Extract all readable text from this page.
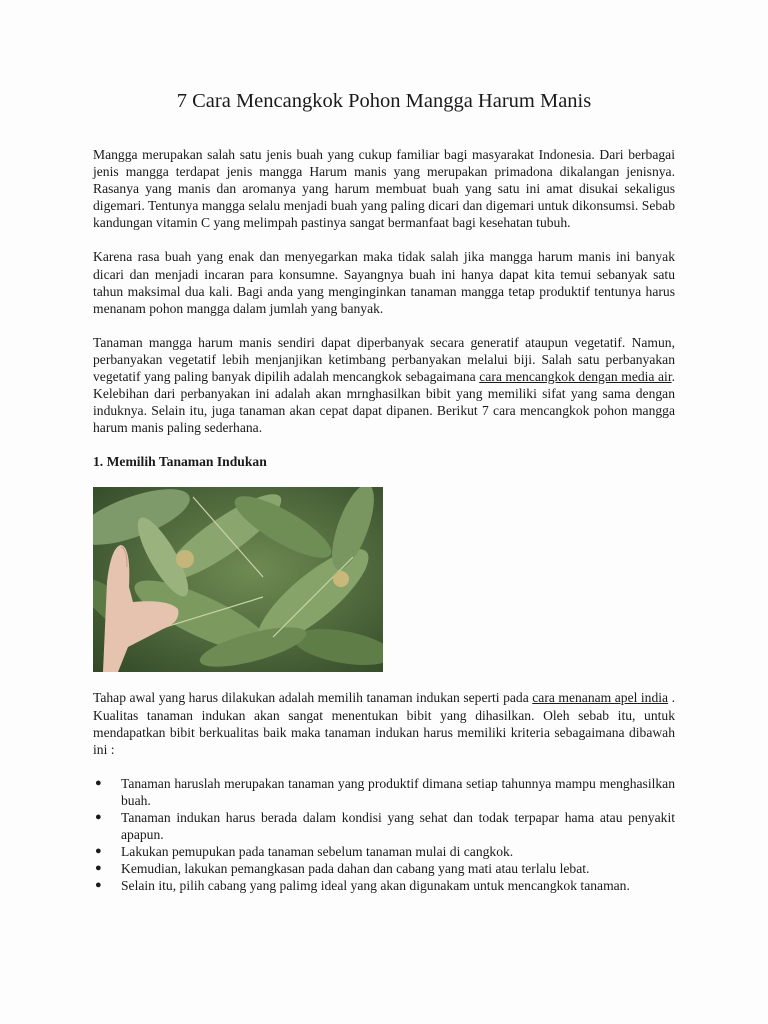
7 Cara Mencangkok Pohon Mangga Harum Manis

Mangga merupakan salah satu jenis buah yang cukup familiar bagi masyarakat Indonesia. Dari berbagai jenis mangga terdapat jenis mangga Harum manis yang merupakan primadona dikalangan jenisnya. Rasanya yang manis dan aromanya yang harum membuat buah yang satu ini amat disukai sekaligus digemari. Tentunya mangga selalu menjadi buah yang paling dicari dan digemari untuk dikonsumsi. Sebab kandungan vitamin C yang melimpah pastinya sangat bermanfaat bagi kesehatan tubuh.

Karena rasa buah yang enak dan menyegarkan maka tidak salah jika mangga harum manis ini banyak dicari dan menjadi incaran para konsumne. Sayangnya buah ini hanya dapat kita temui sebanyak satu tahun maksimal dua kali. Bagi anda yang menginginkan tanaman mangga tetap produktif tentunya harus menanam pohon mangga dalam jumlah yang banyak.

Tanaman mangga harum manis sendiri dapat diperbanyak secara generatif ataupun vegetatif. Namun, perbanyakan vegetatif lebih menjanjikan ketimbang perbanyakan melalui biji. Salah satu perbanyakan vegetatif yang paling banyak dipilih adalah mencangkok sebagaimana cara mencangkok dengan media air. Kelebihan dari perbanyakan ini adalah akan mrnghasilkan bibit yang memiliki sifat yang sama dengan induknya. Selain itu, juga tanaman akan cepat dapat dipanen. Berikut 7 cara mencangkok pohon mangga harum manis paling sederhana.

1. Memilih Tanaman Indukan

Tahap awal yang harus dilakukan adalah memilih tanaman indukan seperti pada cara menanam apel india . Kualitas tanaman indukan akan sangat menentukan bibit yang dihasilkan. Oleh sebab itu, untuk mendapatkan bibit berkualitas baik maka tanaman indukan harus memiliki kriteria sebagaimana dibawah ini :

● Tanaman haruslah merupakan tanaman yang produktif dimana setiap tahunnya mampu menghasilkan buah.
● Tanaman indukan harus berada dalam kondisi yang sehat dan todak terpapar hama atau penyakit apapun.
● Lakukan pemupukan pada tanaman sebelum tanaman mulai di cangkok.
● Kemudian, lakukan pemangkasan pada dahan dan cabang yang mati atau terlalu lebat.
● Selain itu, pilih cabang yang palimg ideal yang akan digunakam untuk mencangkok tanaman.
